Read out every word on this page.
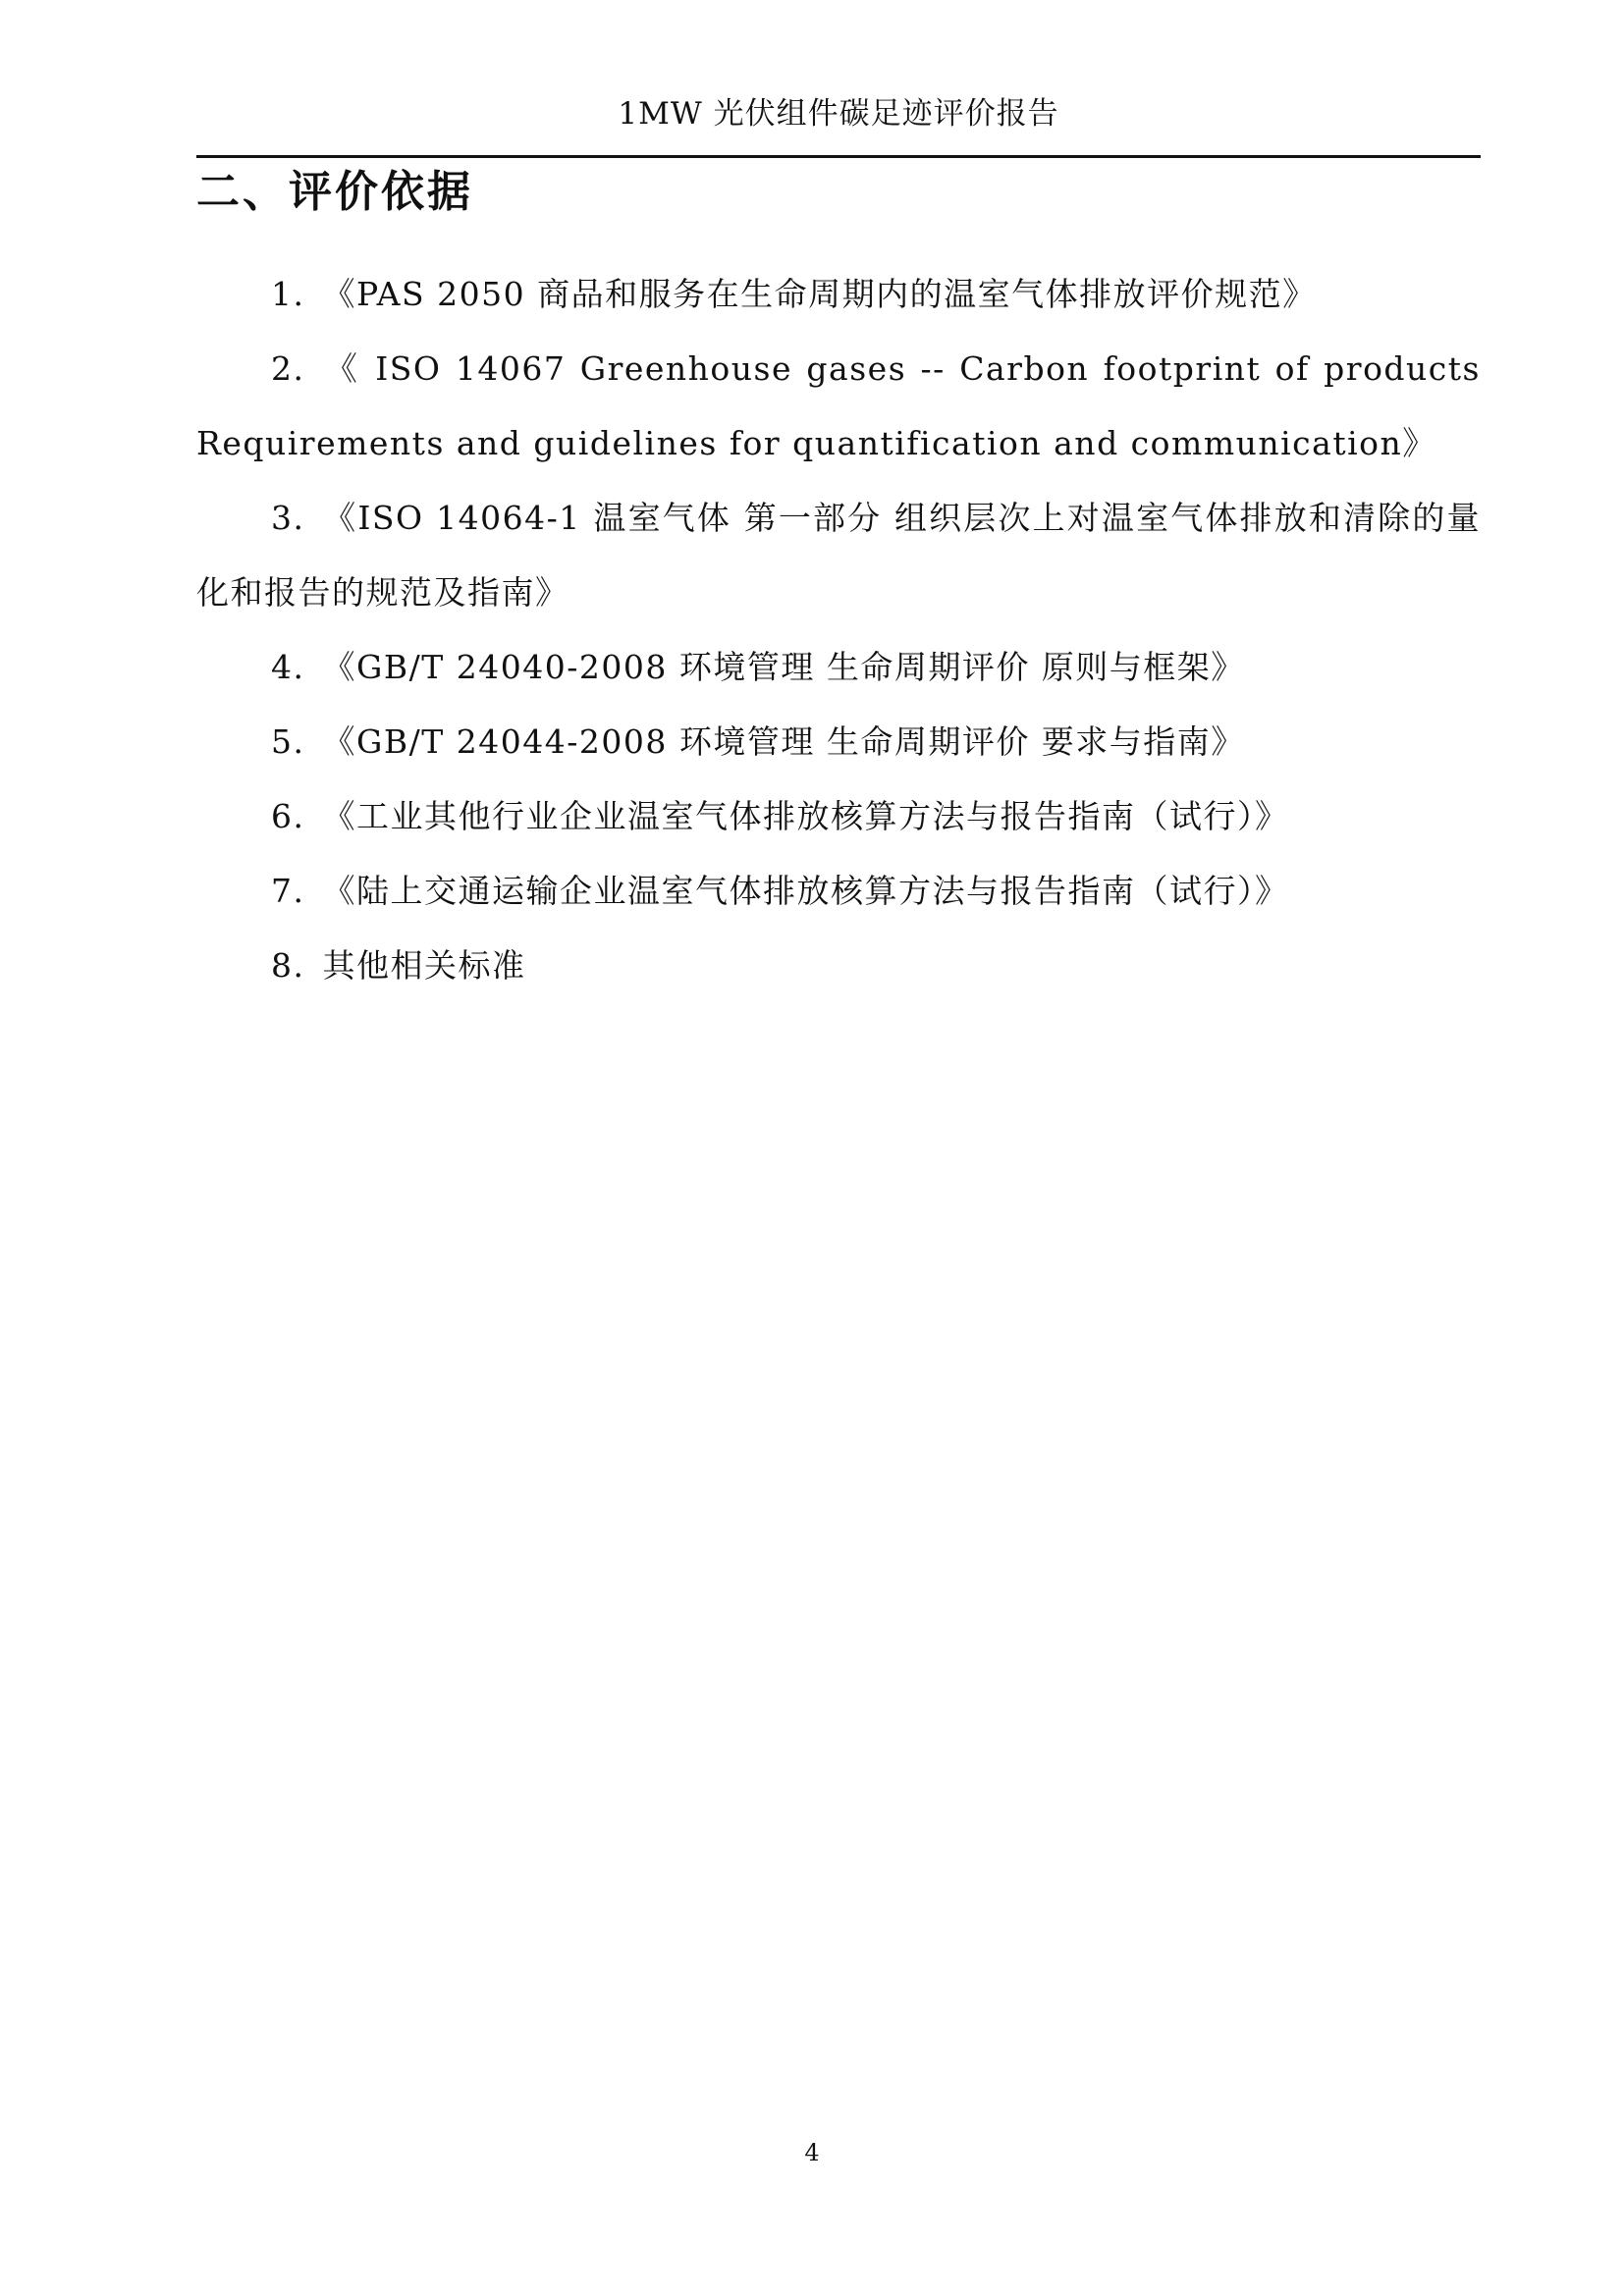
1MW 光伏组件碳足迹评价报告
二、评价依据
1. 《PAS 2050 商品和服务在生命周期内的温室气体排放评价规范》
2. 《 ISO 14067 Greenhouse gases -- Carbon footprint of products Requirements and guidelines for quantification and communication》
3. 《ISO 14064-1 温室气体 第一部分 组织层次上对温室气体排放和清除的量化和报告的规范及指南》
4. 《GB/T 24040-2008 环境管理 生命周期评价 原则与框架》
5. 《GB/T 24044-2008 环境管理 生命周期评价 要求与指南》
6. 《工业其他行业企业温室气体排放核算方法与报告指南（试行）》
7. 《陆上交通运输企业温室气体排放核算方法与报告指南（试行）》
8. 其他相关标准
4
